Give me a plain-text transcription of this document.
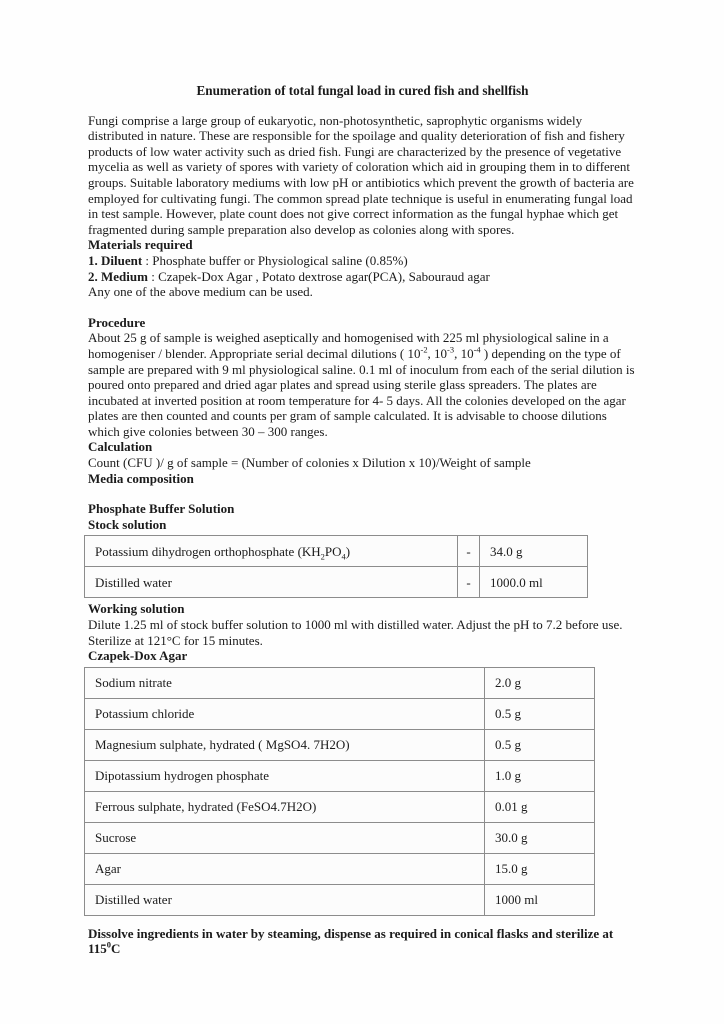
Enumeration of total fungal load in cured fish and shellfish

Fungi comprise a large group of eukaryotic, non-photosynthetic, saprophytic organisms widely distributed in nature. These are responsible for the spoilage and quality deterioration of fish and fishery products of low water activity such as dried fish. Fungi are characterized by the presence of vegetative mycelia as well as variety of spores with variety of coloration which aid in grouping them in to different groups. Suitable laboratory mediums with low pH or antibiotics which prevent the growth of bacteria are employed for cultivating fungi. The common spread plate technique is useful in enumerating fungal load in test sample. However, plate count does not give correct information as the fungal hyphae which get fragmented during sample preparation also develop as colonies along with spores.

Materials required
1. Diluent : Phosphate buffer or Physiological saline (0.85%)
2. Medium : Czapek-Dox Agar , Potato dextrose agar(PCA), Sabouraud agar
Any one of the above medium can be used.
Procedure

About 25 g of sample is weighed aseptically and homogenised with 225 ml physiological saline in a homogeniser / blender. Appropriate serial decimal dilutions ( $10^{-2}$, $10^{-3}$, $10^{-4}$ ) depending on the type of sample are prepared with 9 ml physiological saline. 0.1 ml of inoculum from each of the serial dilution is poured onto prepared and dried agar plates and spread using sterile glass spreaders. The plates are incubated at inverted position at room temperature for 4- 5 days. All the colonies developed on the agar plates are then counted and counts per gram of sample calculated. It is advisable to choose dilutions which give colonies between 30 – 300 ranges.

Calculation
Count (CFU )/ g of sample = (Number of colonies x Dilution x 10)/Weight of sample
Media composition
Phosphate Buffer Solution
Stock solution
Potassium dihydrogen orthophosphate $(KH_2PO_4)$	-	34.0 g
Distilled water	-	1000.0 ml
Working solution

Dilute 1.25 ml of stock buffer solution to 1000 ml with distilled water. Adjust the pH to 7.2 before use. Sterilize at 121°C for 15 minutes.

Czapek-Dox Agar
Sodium nitrate	2.0 g
Potassium chloride	0.5 g
Magnesium sulphate, hydrated ( MgSO4. 7H2O)	0.5 g
Dipotassium hydrogen phosphate	1.0 g
Ferrous sulphate, hydrated (FeSO4.7H2O)	0.01 g
Sucrose	30.0 g
Agar	15.0 g
Distilled water	1000 ml

Dissolve ingredients in water by steaming, dispense as required in conical flasks and sterilize at $115^0C$
